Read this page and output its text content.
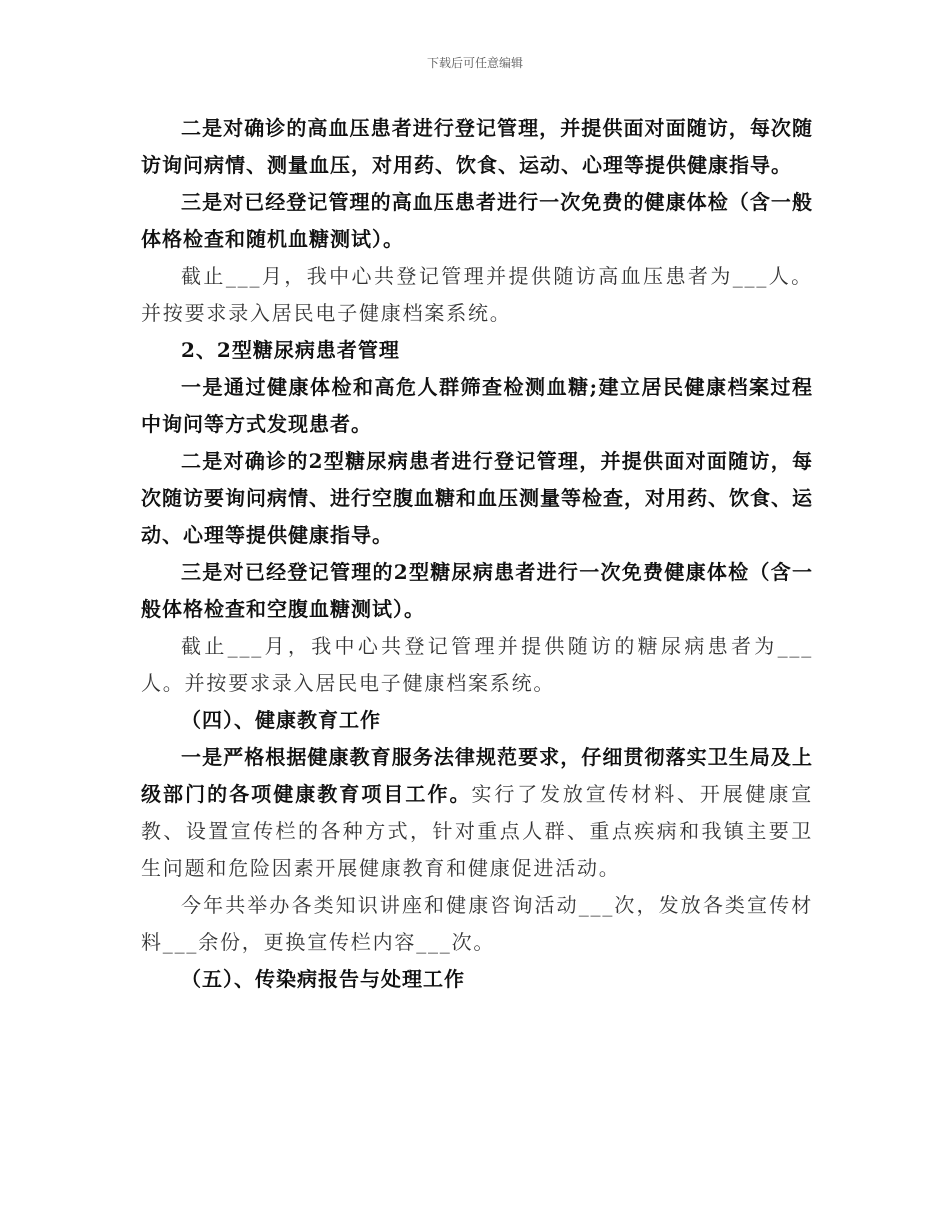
下载后可任意编辑

二是对确诊的高血压患者进行登记管理，并提供面对面随访，每次随访询问病情、测量血压，对用药、饮食、运动、心理等提供健康指导。

三是对已经登记管理的高血压患者进行一次免费的健康体检（含一般体格检查和随机血糖测试）。

截止___月，我中心共登记管理并提供随访高血压患者为___人。并按要求录入居民电子健康档案系统。

2、2型糖尿病患者管理

一是通过健康体检和高危人群筛查检测血糖;建立居民健康档案过程中询问等方式发现患者。

二是对确诊的2型糖尿病患者进行登记管理，并提供面对面随访，每次随访要询问病情、进行空腹血糖和血压测量等检查，对用药、饮食、运动、心理等提供健康指导。

三是对已经登记管理的2型糖尿病患者进行一次免费健康体检（含一般体格检查和空腹血糖测试）。

截止___月，我中心共登记管理并提供随访的糖尿病患者为___人。并按要求录入居民电子健康档案系统。

（四）、健康教育工作

一是严格根据健康教育服务法律规范要求，仔细贯彻落实卫生局及上级部门的各项健康教育项目工作。实行了发放宣传材料、开展健康宣教、设置宣传栏的各种方式，针对重点人群、重点疾病和我镇主要卫生问题和危险因素开展健康教育和健康促进活动。

今年共举办各类知识讲座和健康咨询活动___次，发放各类宣传材料___余份，更换宣传栏内容___次。

（五）、传染病报告与处理工作
